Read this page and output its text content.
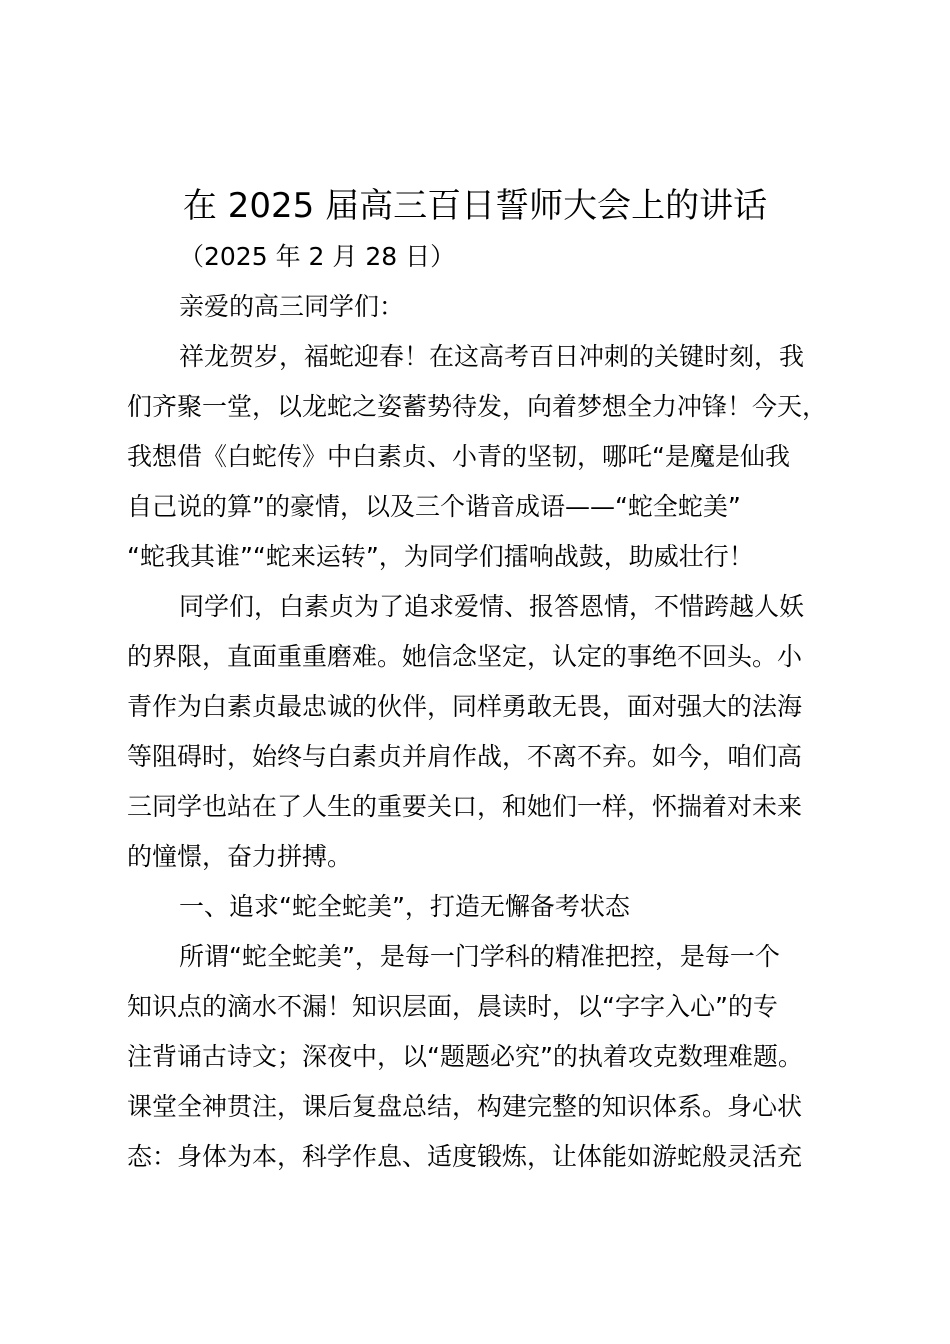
在 2025 届高三百日誓师大会上的讲话
（2025 年 2 月 28 日）
亲爱的高三同学们：
祥龙贺岁，福蛇迎春！在这高考百日冲刺的关键时刻，我
们齐聚一堂，以龙蛇之姿蓄势待发，向着梦想全力冲锋！今天，
我想借《白蛇传》中白素贞、小青的坚韧，哪吒“是魔是仙我
自己说的算”的豪情，以及三个谐音成语——“蛇全蛇美”
“蛇我其谁”“蛇来运转”，为同学们擂响战鼓，助威壮行！
同学们，白素贞为了追求爱情、报答恩情，不惜跨越人妖
的界限，直面重重磨难。她信念坚定，认定的事绝不回头。小
青作为白素贞最忠诚的伙伴，同样勇敢无畏，面对强大的法海
等阻碍时，始终与白素贞并肩作战，不离不弃。如今，咱们高
三同学也站在了人生的重要关口，和她们一样，怀揣着对未来
的憧憬，奋力拼搏。
一、追求“蛇全蛇美”，打造无懈备考状态
所谓“蛇全蛇美”，是每一门学科的精准把控，是每一个
知识点的滴水不漏！知识层面，晨读时，以“字字入心”的专
注背诵古诗文；深夜中，以“题题必究”的执着攻克数理难题。
课堂全神贯注，课后复盘总结，构建完整的知识体系。身心状
态：身体为本，科学作息、适度锻炼，让体能如游蛇般灵活充
